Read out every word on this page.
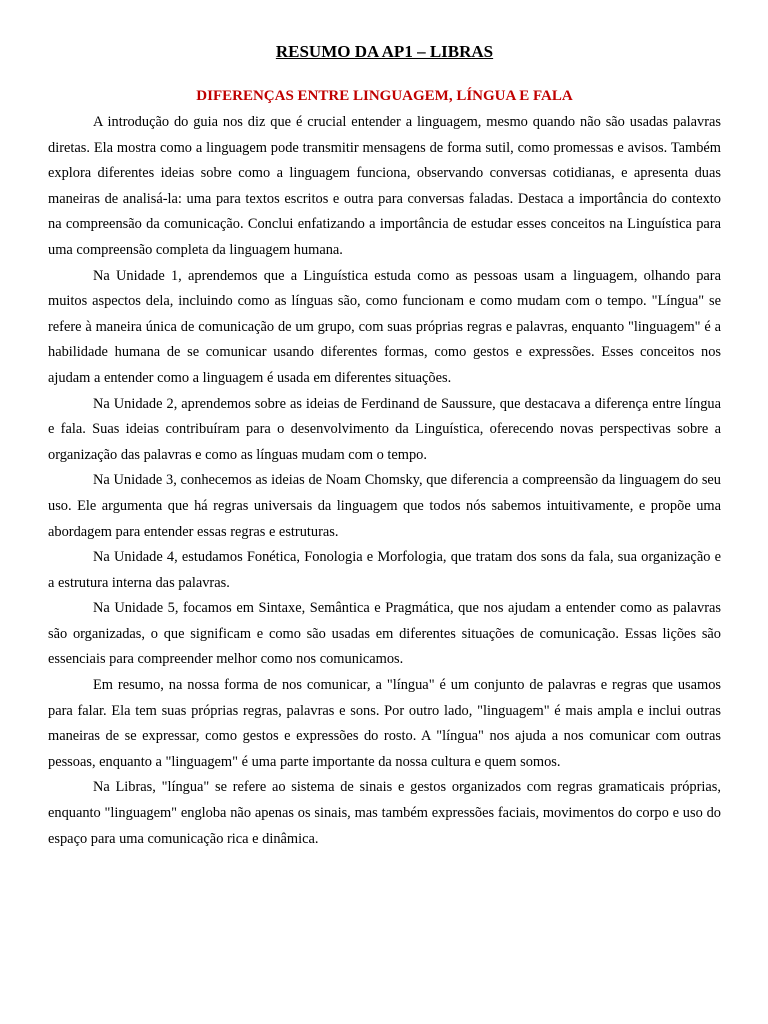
RESUMO DA AP1 – LIBRAS
DIFERENÇAS ENTRE LINGUAGEM, LÍNGUA E FALA

A introdução do guia nos diz que é crucial entender a linguagem, mesmo quando não são usadas palavras diretas. Ela mostra como a linguagem pode transmitir mensagens de forma sutil, como promessas e avisos. Também explora diferentes ideias sobre como a linguagem funciona, observando conversas cotidianas, e apresenta duas maneiras de analisá-la: uma para textos escritos e outra para conversas faladas. Destaca a importância do contexto na compreensão da comunicação. Conclui enfatizando a importância de estudar esses conceitos na Linguística para uma compreensão completa da linguagem humana.

Na Unidade 1, aprendemos que a Linguística estuda como as pessoas usam a linguagem, olhando para muitos aspectos dela, incluindo como as línguas são, como funcionam e como mudam com o tempo. "Língua" se refere à maneira única de comunicação de um grupo, com suas próprias regras e palavras, enquanto "linguagem" é a habilidade humana de se comunicar usando diferentes formas, como gestos e expressões. Esses conceitos nos ajudam a entender como a linguagem é usada em diferentes situações.

Na Unidade 2, aprendemos sobre as ideias de Ferdinand de Saussure, que destacava a diferença entre língua e fala. Suas ideias contribuíram para o desenvolvimento da Linguística, oferecendo novas perspectivas sobre a organização das palavras e como as línguas mudam com o tempo.

Na Unidade 3, conhecemos as ideias de Noam Chomsky, que diferencia a compreensão da linguagem do seu uso. Ele argumenta que há regras universais da linguagem que todos nós sabemos intuitivamente, e propõe uma abordagem para entender essas regras e estruturas.

Na Unidade 4, estudamos Fonética, Fonologia e Morfologia, que tratam dos sons da fala, sua organização e a estrutura interna das palavras.

Na Unidade 5, focamos em Sintaxe, Semântica e Pragmática, que nos ajudam a entender como as palavras são organizadas, o que significam e como são usadas em diferentes situações de comunicação. Essas lições são essenciais para compreender melhor como nos comunicamos.

Em resumo, na nossa forma de nos comunicar, a "língua" é um conjunto de palavras e regras que usamos para falar. Ela tem suas próprias regras, palavras e sons. Por outro lado, "linguagem" é mais ampla e inclui outras maneiras de se expressar, como gestos e expressões do rosto. A "língua" nos ajuda a nos comunicar com outras pessoas, enquanto a "linguagem" é uma parte importante da nossa cultura e quem somos.

Na Libras, "língua" se refere ao sistema de sinais e gestos organizados com regras gramaticais próprias, enquanto "linguagem" engloba não apenas os sinais, mas também expressões faciais, movimentos do corpo e uso do espaço para uma comunicação rica e dinâmica.
